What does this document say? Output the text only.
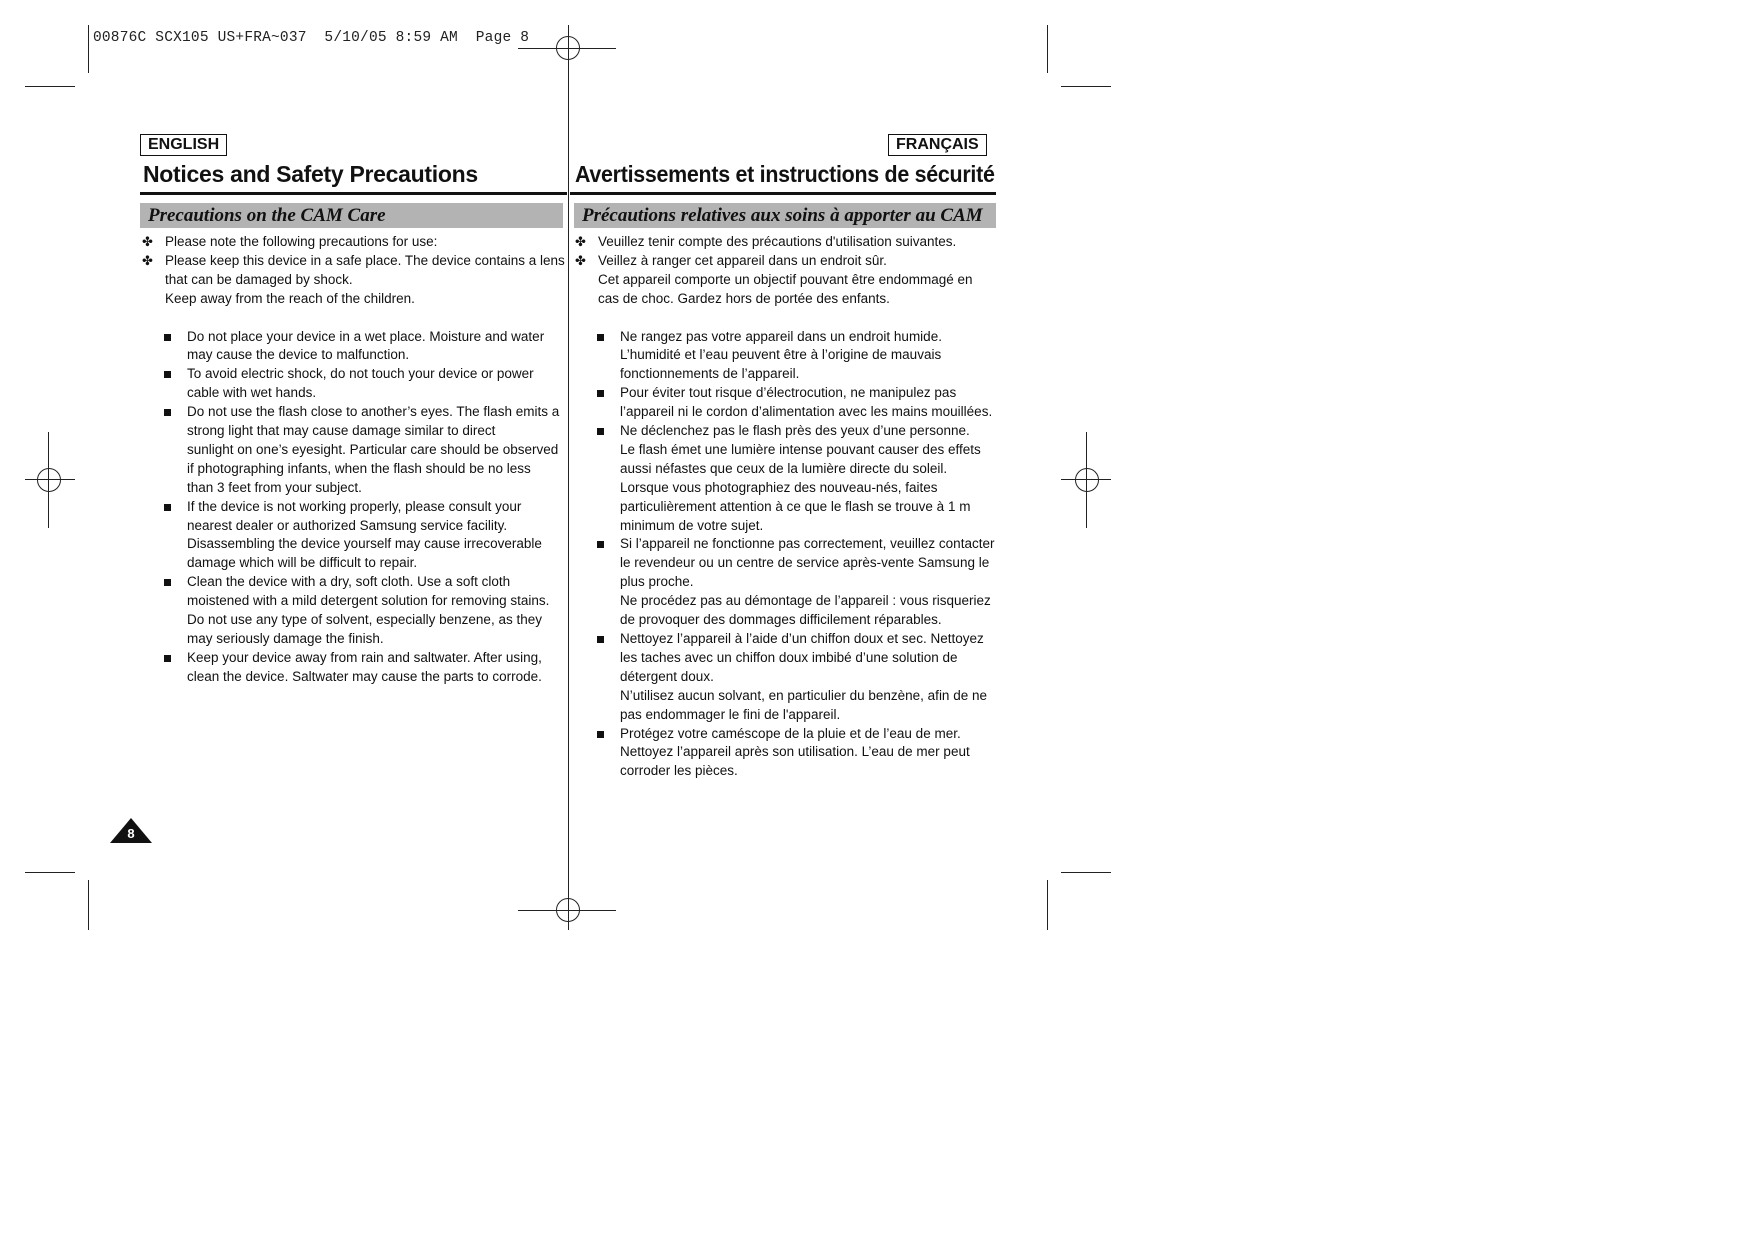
00876C SCX105 US+FRA~037  5/10/05 8:59 AM  Page 8
ENGLISH
Notices and Safety Precautions
Precautions on the CAM Care

✤ Please note the following precautions for use:

✤ Please keep this device in a safe place. The device contains a lens
that can be damaged by shock.

Keep away from the reach of the children.

Do not place your device in a wet place. Moisture and water
may cause the device to malfunction.

To avoid electric shock, do not touch your device or power
cable with wet hands.

Do not use the flash close to another’s eyes. The flash emits a
strong light that may cause damage similar to direct
sunlight on one’s eyesight. Particular care should be observed
if photographing infants, when the flash should be no less
than 3 feet from your subject.

If the device is not working properly, please consult your
nearest dealer or authorized Samsung service facility.
Disassembling the device yourself may cause irrecoverable
damage which will be difficult to repair.

Clean the device with a dry, soft cloth. Use a soft cloth
moistened with a mild detergent solution for removing stains.
Do not use any type of solvent, especially benzene, as they
may seriously damage the finish.

Keep your device away from rain and saltwater. After using,
clean the device. Saltwater may cause the parts to corrode.

FRANÇAIS
Avertissements et instructions de sécurité
Précautions relatives aux soins à apporter au CAM

✤ Veuillez tenir compte des précautions d'utilisation suivantes.

✤ Veillez à ranger cet appareil dans un endroit sûr.

Cet appareil comporte un objectif pouvant être endommagé en
cas de choc. Gardez hors de portée des enfants.

Ne rangez pas votre appareil dans un endroit humide.
L’humidité et l’eau peuvent être à l’origine de mauvais
fonctionnements de l’appareil.

Pour éviter tout risque d’électrocution, ne manipulez pas
l’appareil ni le cordon d’alimentation avec les mains mouillées.

Ne déclenchez pas le flash près des yeux d’une personne.
Le flash émet une lumière intense pouvant causer des effets
aussi néfastes que ceux de la lumière directe du soleil.
Lorsque vous photographiez des nouveau-nés, faites
particulièrement attention à ce que le flash se trouve à 1 m
minimum de votre sujet.

Si l’appareil ne fonctionne pas correctement, veuillez contacter
le revendeur ou un centre de service après-vente Samsung le
plus proche.
Ne procédez pas au démontage de l’appareil : vous risqueriez
de provoquer des dommages difficilement réparables.

Nettoyez l’appareil à l’aide d’un chiffon doux et sec. Nettoyez
les taches avec un chiffon doux imbibé d’une solution de
détergent doux.
N’utilisez aucun solvant, en particulier du benzène, afin de ne
pas endommager le fini de l'appareil.

Protégez votre caméscope de la pluie et de l’eau de mer.
Nettoyez l’appareil après son utilisation. L’eau de mer peut
corroder les pièces.

8
